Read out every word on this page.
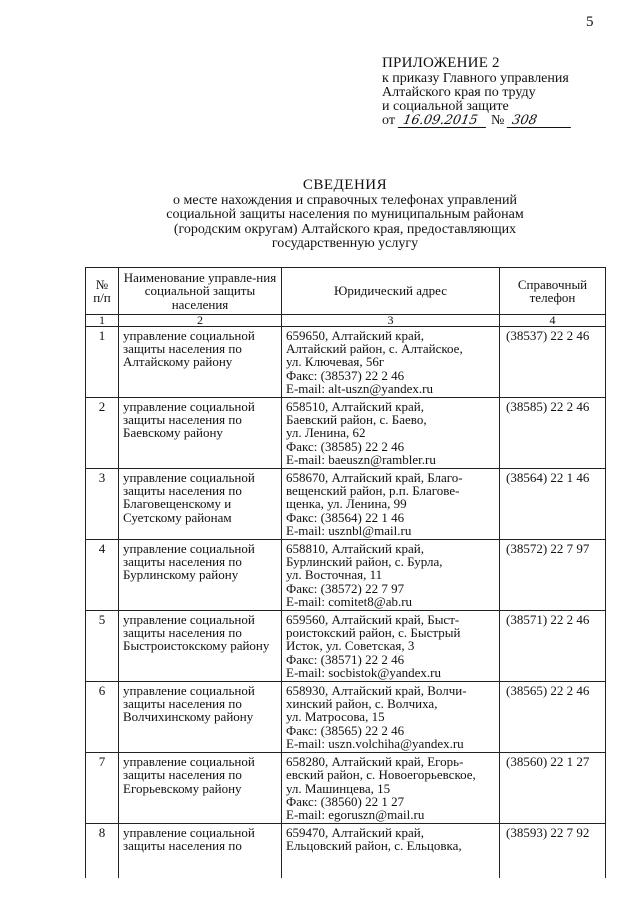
5
ПРИЛОЖЕНИЕ 2
к приказу Главного управления
Алтайского края по труду
и социальной защите
от 16.09.2015 № 308
СВЕДЕНИЯ
о месте нахождения и справочных телефонах управлений
социальной защиты населения по муниципальным районам
(городским округам) Алтайского края, предоставляющих
государственную услугу
№ п/п	Наименование управле-ния социальной защиты населения	Юридический адрес	Справочный телефон
1	2	3	4
1	управление социальной защиты населения по Алтайскому району	659650, Алтайский край,
Алтайский район, с. Алтайское,
ул. Ключевая, 56г
Факс: (38537) 22 2 46
E-mail: alt-uszn@yandex.ru	(38537) 22 2 46
2	управление социальной защиты населения по Баевскому району	658510, Алтайский край,
Баевский район, с. Баево,
ул. Ленина, 62
Факс: (38585) 22 2 46
E-mail: baeuszn@rambler.ru	(38585) 22 2 46
3	управление социальной защиты населения по Благовещенскому и Суетскому районам	658670, Алтайский край, Благо-
вещенский район, р.п. Благове-
щенка, ул. Ленина, 99
Факс: (38564) 22 1 46
E-mail: usznbl@mail.ru	(38564) 22 1 46
4	управление социальной защиты населения по Бурлинскому району	658810, Алтайский край,
Бурлинский район, с. Бурла,
ул. Восточная, 11
Факс: (38572) 22 7 97
E-mail: comitet8@ab.ru	(38572) 22 7 97
5	управление социальной защиты населения по Быстроистокскому району	659560, Алтайский край, Быст-
роистокский район, с. Быстрый
Исток, ул. Советская, 3
Факс: (38571) 22 2 46
E-mail: socbistok@yandex.ru	(38571) 22 2 46
6	управление социальной защиты населения по Волчихинскому району	658930, Алтайский край, Волчи-
хинский район, с. Волчиха,
ул. Матросова, 15
Факс: (38565) 22 2 46
E-mail: uszn.volchiha@yandex.ru	(38565) 22 2 46
7	управление социальной защиты населения по Егорьевскому району	658280, Алтайский край, Егорь-
евский район, с. Новоегорьевское,
ул. Машинцева, 15
Факс: (38560) 22 1 27
E-mail: egoruszn@mail.ru	(38560) 22 1 27
8	управление социальной защиты населения по	659470, Алтайский край,
Ельцовский район, с. Ельцовка,	(38593) 22 7 92
